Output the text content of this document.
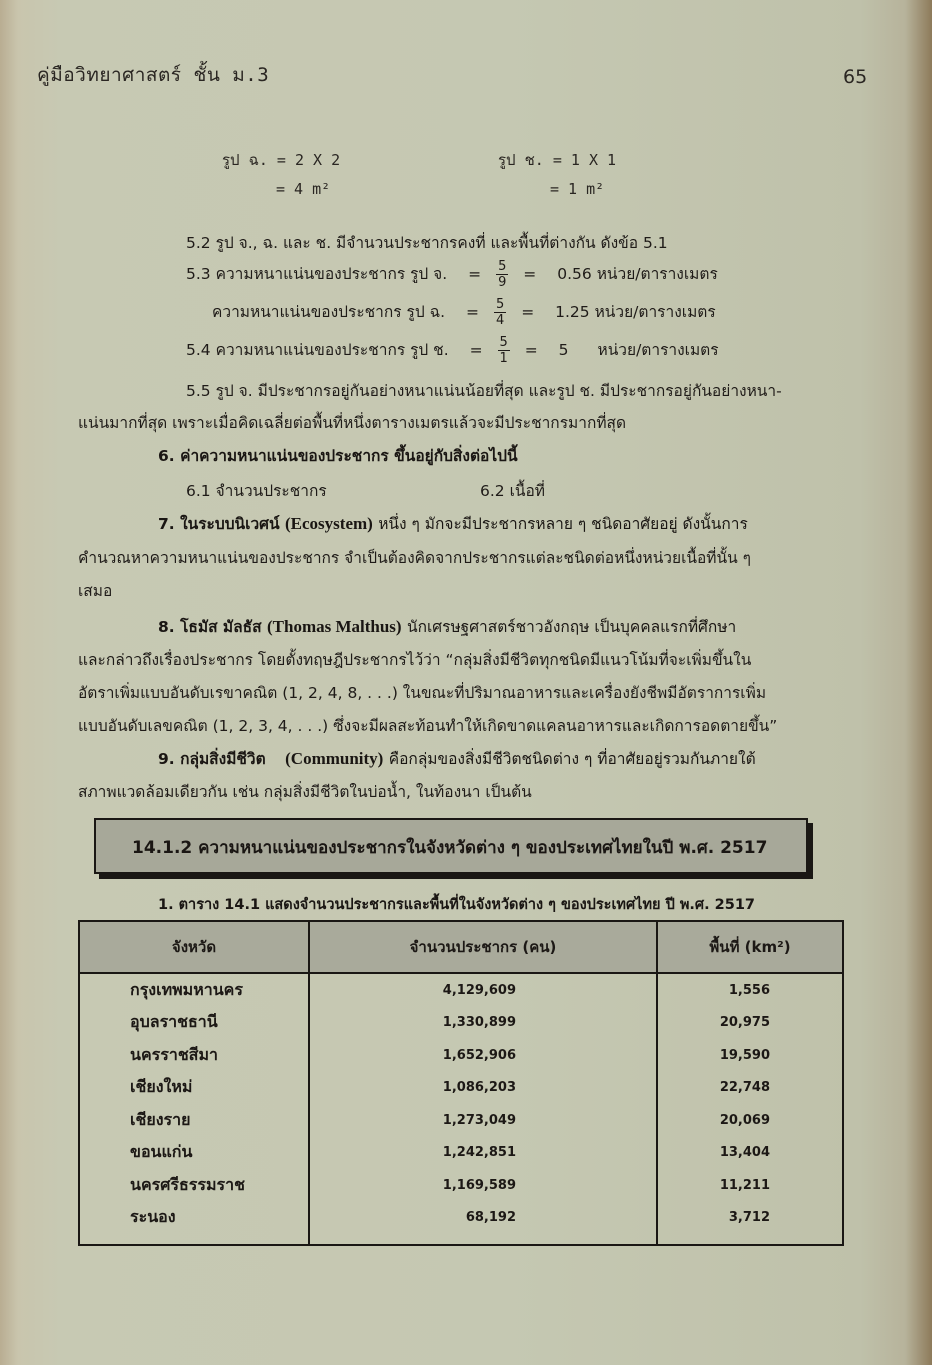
คู่มือวิทยาศาสตร์ ชั้น ม.3	65
รูป ฉ. = 2 X 2
= 4 m²
รูป ช. = 1 X 1
= 1 m²
5.2 รูป จ., ฉ. และ ช. มีจำนวนประชากรคงที่ และพื้นที่ต่างกัน ดังข้อ 5.1
5.3 ความหนาแน่นของประชากร รูป จ. = $\frac{5}{9} = 0.56$ หน่วย/ตารางเมตร
ความหนาแน่นของประชากร รูป ฉ. = $\frac{5}{4} = 1.25$ หน่วย/ตารางเมตร
5.4 ความหนาแน่นของประชากร รูป ช. = $\frac{5}{1} = 5$ หน่วย/ตารางเมตร
5.5 รูป จ. มีประชากรอยู่กันอย่างหนาแน่นน้อยที่สุด และรูป ช. มีประชากรอยู่กันอย่างหนา-
แน่นมากที่สุด เพราะเมื่อคิดเฉลี่ยต่อพื้นที่หนึ่งตารางเมตรแล้วจะมีประชากรมากที่สุด
6. ค่าความหนาแน่นของประชากร ขึ้นอยู่กับสิ่งต่อไปนี้
6.1 จำนวนประชากร	6.2 เนื้อที่
7. ในระบบนิเวศน์ (Ecosystem) หนึ่ง ๆ มักจะมีประชากรหลาย ๆ ชนิดอาศัยอยู่ ดังนั้นการ
คำนวณหาความหนาแน่นของประชากร จำเป็นต้องคิดจากประชากรแต่ละชนิดต่อหนึ่งหน่วยเนื้อที่นั้น ๆ
เสมอ
8. โธมัส มัลธัส (Thomas Malthus) นักเศรษฐศาสตร์ชาวอังกฤษ เป็นบุคคลแรกที่ศึกษา
และกล่าวถึงเรื่องประชากร โดยตั้งทฤษฎีประชากรไว้ว่า “กลุ่มสิ่งมีชีวิตทุกชนิดมีแนวโน้มที่จะเพิ่มขึ้นใน
อัตราเพิ่มแบบอันดับเรขาคณิต (1, 2, 4, 8, . . .) ในขณะที่ปริมาณอาหารและเครื่องยังชีพมีอัตราการเพิ่ม
แบบอันดับเลขคณิต (1, 2, 3, 4, . . .) ซึ่งจะมีผลสะท้อนทำให้เกิดขาดแคลนอาหารและเกิดการอดตายขึ้น”
9. กลุ่มสิ่งมีชีวิต (Community) คือกลุ่มของสิ่งมีชีวิตชนิดต่าง ๆ ที่อาศัยอยู่รวมกันภายใต้
สภาพแวดล้อมเดียวกัน เช่น กลุ่มสิ่งมีชีวิตในบ่อน้ำ, ในท้องนา เป็นต้น
14.1.2 ความหนาแน่นของประชากรในจังหวัดต่าง ๆ ของประเทศไทยในปี พ.ศ. 2517
1. ตาราง 14.1 แสดงจำนวนประชากรและพื้นที่ในจังหวัดต่าง ๆ ของประเทศไทย ปี พ.ศ. 2517
จังหวัด	จำนวนประชากร (คน)	พื้นที่ (km²)
กรุงเทพมหานคร	4,129,609	1,556
อุบลราชธานี	1,330,899	20,975
นครราชสีมา	1,652,906	19,590
เชียงใหม่	1,086,203	22,748
เชียงราย	1,273,049	20,069
ขอนแก่น	1,242,851	13,404
นครศรีธรรมราช	1,169,589	11,211
ระนอง	68,192	3,712
